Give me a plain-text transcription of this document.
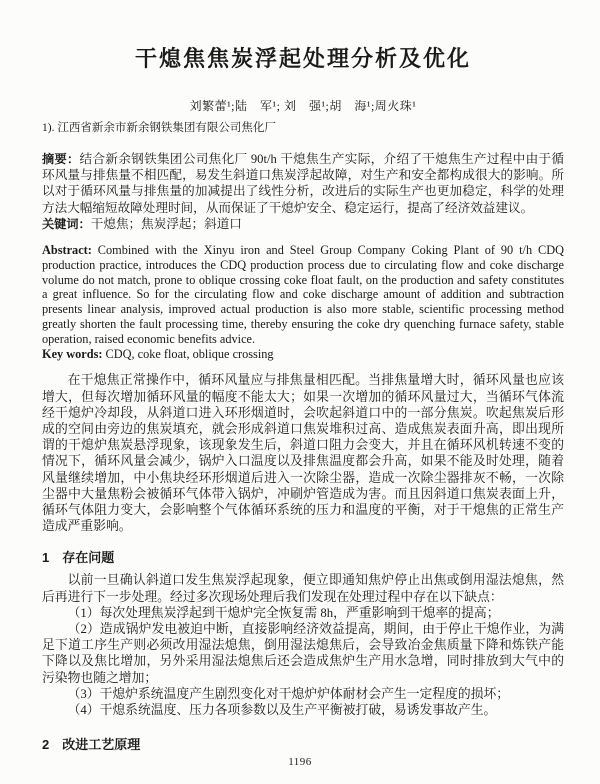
干熄焦焦炭浮起处理分析及优化
刘繁蕾¹;陆　军¹; 刘　强¹;胡　海¹;周火珠¹
1). 江西省新余市新余钢铁集团有限公司焦化厂

摘要：结合新余钢铁集团公司焦化厂 90t/h 干熄焦生产实际，介绍了干熄焦生产过程中由于循环风量与排焦量不相匹配，易发生斜道口焦炭浮起故障，对生产和安全都构成很大的影响。所以对于循环风量与排焦量的加减提出了线性分析，改进后的实际生产也更加稳定，科学的处理方法大幅缩短故障处理时间，从而保证了干熄炉安全、稳定运行，提高了经济效益建议。

关键词：干熄焦；焦炭浮起；斜道口

Abstract: Combined with the Xinyu iron and Steel Group Company Coking Plant of 90 t/h CDQ production practice, introduces the CDQ production process due to circulating flow and coke discharge volume do not match, prone to oblique crossing coke float fault, on the production and safety constitutes a great influence. So for the circulating flow and coke discharge amount of addition and subtraction presents linear analysis, improved actual production is also more stable, scientific processing method greatly shorten the fault processing time, thereby ensuring the coke dry quenching furnace safety, stable operation, raised economic benefits advice.

Key words: CDQ, coke float, oblique crossing

在干熄焦正常操作中，循环风量应与排焦量相匹配。当排焦量增大时，循环风量也应该增大，但每次增加循环风量的幅度不能太大；如果一次增加的循环风量过大，当循环气体流经干熄炉冷却段，从斜道口进入环形烟道时，会吹起斜道口中的一部分焦炭。吹起焦炭后形成的空间由旁边的焦炭填充，就会形成斜道口焦炭堆积过高、造成焦炭表面升高，即出现所谓的干熄炉焦炭悬浮现象，该现象发生后，斜道口阻力会变大，并且在循环风机转速不变的情况下，循环风量会减少，锅炉入口温度以及排焦温度都会升高，如果不能及时处理，随着风量继续增加，中小焦块经环形烟道后进入一次除尘器，造成一次除尘器排灰不畅，一次除尘器中大量焦粉会被循环气体带入锅炉，冲刷炉管造成为害。而且因斜道口焦炭表面上升，循环气体阻力变大，会影响整个气体循环系统的压力和温度的平衡，对于干熄焦的正常生产造成严重影响。

1　存在问题

以前一旦确认斜道口发生焦炭浮起现象，便立即通知焦炉停止出焦或倒用湿法熄焦，然后再进行下一步处理。经过多次现场处理后我们发现在处理过程中存在以下缺点：

（1）每次处理焦炭浮起到干熄炉完全恢复需 8h，严重影响到干熄率的提高；

（2）造成锅炉发电被迫中断，直接影响经济效益提高，期间，由于停止干熄作业，为满足下道工序生产则必须改用湿法熄焦，倒用湿法熄焦后，会导致冶金焦质量下降和炼铁产能下降以及焦比增加，另外采用湿法熄焦后还会造成焦炉生产用水急增，同时排放到大气中的污染物也随之增加；

（3）干熄炉系统温度产生剧烈变化对干熄炉炉体耐材会产生一定程度的损坏；

（4）干熄系统温度、压力各项参数以及生产平衡被打破，易诱发事故产生。

2　改进工艺原理
1196
